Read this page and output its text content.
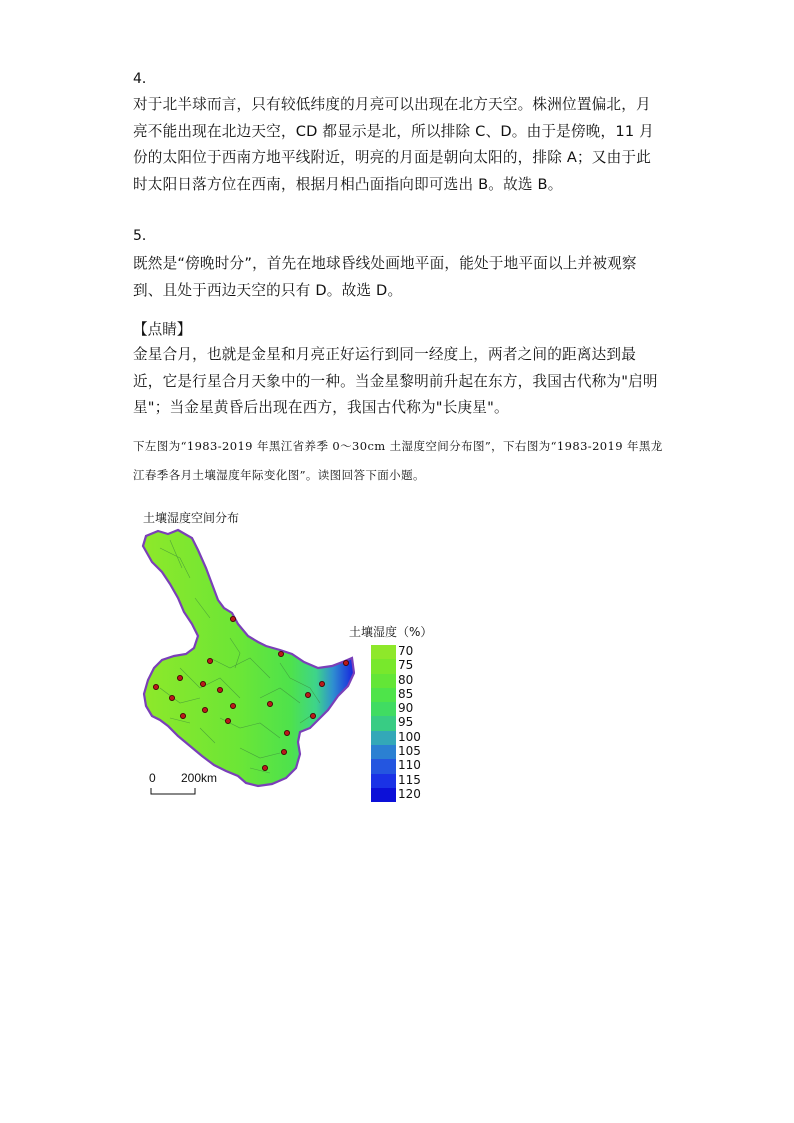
4．
对于北半球而言，只有较低纬度的月亮可以出现在北方天空。株洲位置偏北，月亮不能出现在北边天空，CD 都显示是北，所以排除 C、D。由于是傍晚，11 月份的太阳位于西南方地平线附近，明亮的月面是朝向太阳的，排除 A；又由于此时太阳日落方位在西南，根据月相凸面指向即可选出 B。故选 B。
5．
既然是“傍晚时分”，首先在地球昏线处画地平面，能处于地平面以上并被观察到、且处于西边天空的只有 D。故选 D。
【点睛】
金星合月，也就是金星和月亮正好运行到同一经度上，两者之间的距离达到最近，它是行星合月天象中的一种。当金星黎明前升起在东方，我国古代称为"启明星"；当金星黄昏后出现在西方，我国古代称为"长庚星"。
下左图为“1983-2019 年黑江省养季 0～30cm 土湿度空间分布图”，下右图为“1983-2019 年黑龙江春季各月土壤湿度年际变化图”。读图回答下面小题。
土壤湿度空间分布
0 200km
土壤湿度（%）
70
75
80
85
90
95
100
105
110
115
120
